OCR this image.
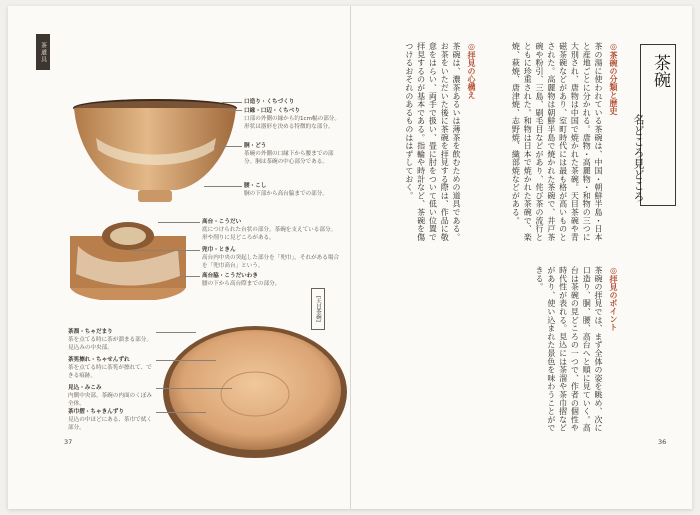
茶道具
口造り・くちづくり
口縁・口辺・くちべり
口部の外側の縁から約1cm幅の部分。形状は器形を決める特徴的な部分。
胴・どう
茶碗の外側の口縁下から腰までの部分。胴は茶碗の中心部分である。
腰・こし
胴の下部から高台脇までの部分。
高台・こうだい
底につけられた台状の部分。茶碗を支えている部分。形や削りに見どころがある。
兜巾・ときん
高台内中央の突起した部分を「兜巾」。それがある場合を「兜巾高台」という。
高台脇・こうだいわき
腰の下から高台際までの部分。
[天目茶碗]
茶溜・ちゃだまり
茶を点てる時に茶が溜まる部分。見込みの中央部。
茶筅擦れ・ちゃせんずれ
茶を点てる時に茶筅が擦れて、できる痕跡。
見込・みこみ
内側中央部。茶碗の内面のくぼみ全体。
茶巾摺・ちゃきんずり
見込の中ほどにある、茶巾で拭く部分。
37
茶碗
名どころ見どころ
◎茶碗の分類と歴史
茶の湯に使われている茶碗は、中国・朝鮮半島・日本と産地ごとに分かれる。唐物・高麗物・和物の三つに大別され、唐物は中国で焼かれた茶碗。天目茶碗や青磁茶碗などがあり、室町時代には最も格が高いものとされた。高麗物は朝鮮半島で焼かれた茶碗で、井戸茶碗や粉引、三島、刷毛目などがあり、侘び茶の流行とともに珍重された。和物は日本で焼かれた茶碗で、楽焼、萩焼、唐津焼、志野焼、織部焼などがある。
◎拝見の心構え
茶碗は、濃茶あるいは薄茶を飲むための道具である。お茶をいただいた後に茶碗を拝見する際は、作品に敬意をはらい、両手で扱い、畳に肘をついて低い位置で拝見するのが基本である。指輪や時計など、茶碗を傷つけるおそれのあるものははずしておく。
◎拝見のポイント
茶碗の拝見では、まず全体の姿を眺め、次に口造り、胴、腰、高台へと順に見ていく。高台は茶碗の見どころの一つで、作者の個性や時代性が表れる。見込には茶溜や茶巾摺などがあり、使い込まれた景色を味わうことができる。
36
